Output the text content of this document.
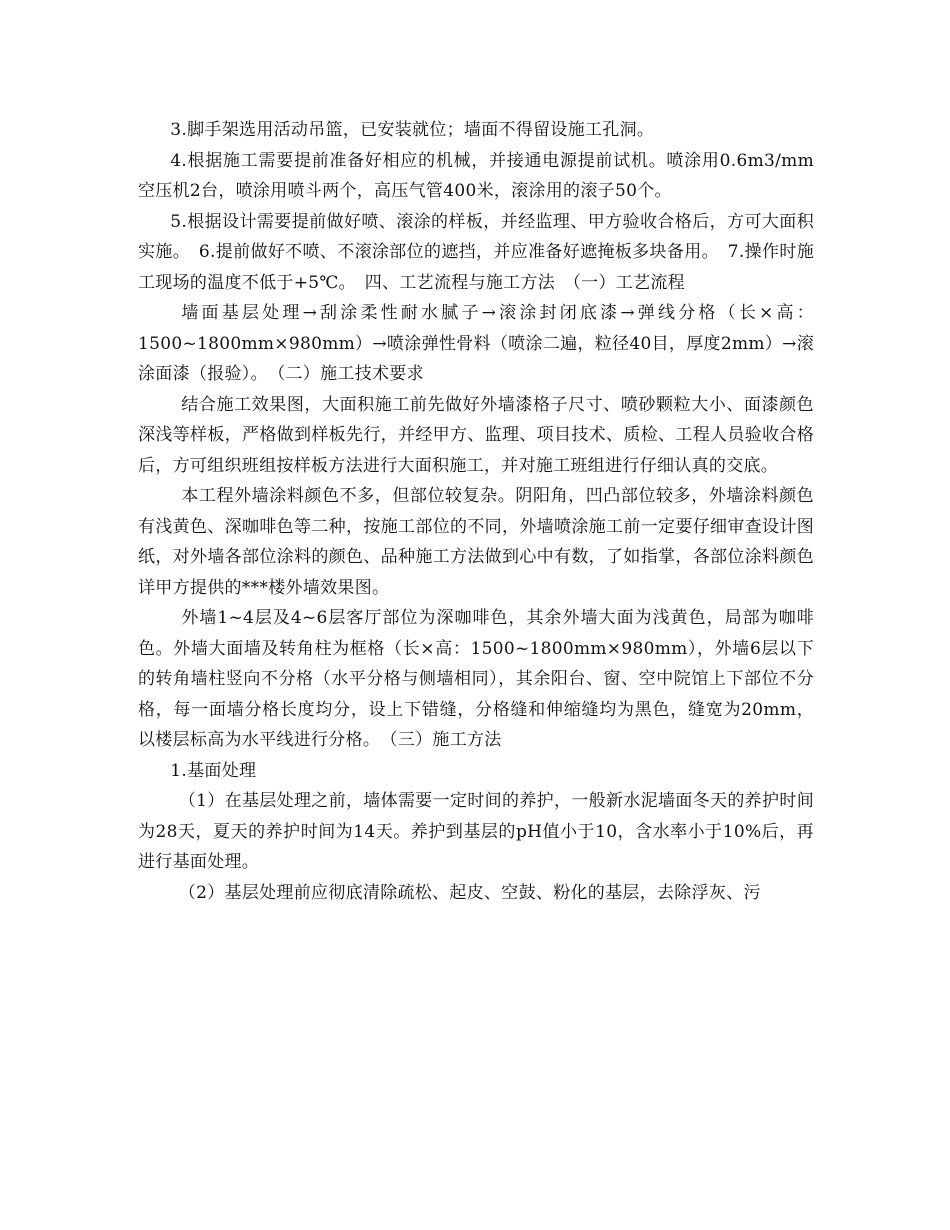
3.脚手架选用活动吊篮，已安装就位；墙面不得留设施工孔洞。

4.根据施工需要提前准备好相应的机械，并接通电源提前试机。喷涂用0.6m3/mm空压机2台，喷涂用喷斗两个，高压气管400米，滚涂用的滚子50个。

5.根据设计需要提前做好喷、滚涂的样板，并经监理、甲方验收合格后，方可大面积实施。　6.提前做好不喷、不滚涂部位的遮挡，并应准备好遮掩板多块备用。　7.操作时施工现场的温度不低于+5℃。　四、工艺流程与施工方法　（一）工艺流程

墙面基层处理→刮涂柔性耐水腻子→滚涂封闭底漆→弹线分格（长×高：1500~1800mm×980mm）→喷涂弹性骨料（喷涂二遍，粒径40目，厚度2mm）→滚涂面漆（报验）。　（二）施工技术要求

结合施工效果图，大面积施工前先做好外墙漆格子尺寸、喷砂颗粒大小、面漆颜色深浅等样板，严格做到样板先行，并经甲方、监理、项目技术、质检、工程人员验收合格后，方可组织班组按样板方法进行大面积施工，并对施工班组进行仔细认真的交底。

本工程外墙涂料颜色不多，但部位较复杂。阴阳角，凹凸部位较多，外墙涂料颜色有浅黄色、深咖啡色等二种，按施工部位的不同，外墙喷涂施工前一定要仔细审查设计图纸，对外墙各部位涂料的颜色、品种施工方法做到心中有数，了如指掌，各部位涂料颜色详甲方提供的***楼外墙效果图。

外墙1~4层及4~6层客厅部位为深咖啡色，其余外墙大面为浅黄色，局部为咖啡色。外墙大面墙及转角柱为框格（长×高：1500~1800mm×980mm），外墙6层以下的转角墙柱竖向不分格（水平分格与侧墙相同），其余阳台、窗、空中院馆上下部位不分格，每一面墙分格长度均分，设上下错缝，分格缝和伸缩缝均为黑色，缝宽为20mm，以楼层标高为水平线进行分格。　（三）施工方法

1.基面处理

（1）在基层处理之前，墙体需要一定时间的养护，一般新水泥墙面冬天的养护时间为28天，夏天的养护时间为14天。养护到基层的pH值小于10，含水率小于10%后，再进行基面处理。

（2）基层处理前应彻底清除疏松、起皮、空鼓、粉化的基层，去除浮灰、污
